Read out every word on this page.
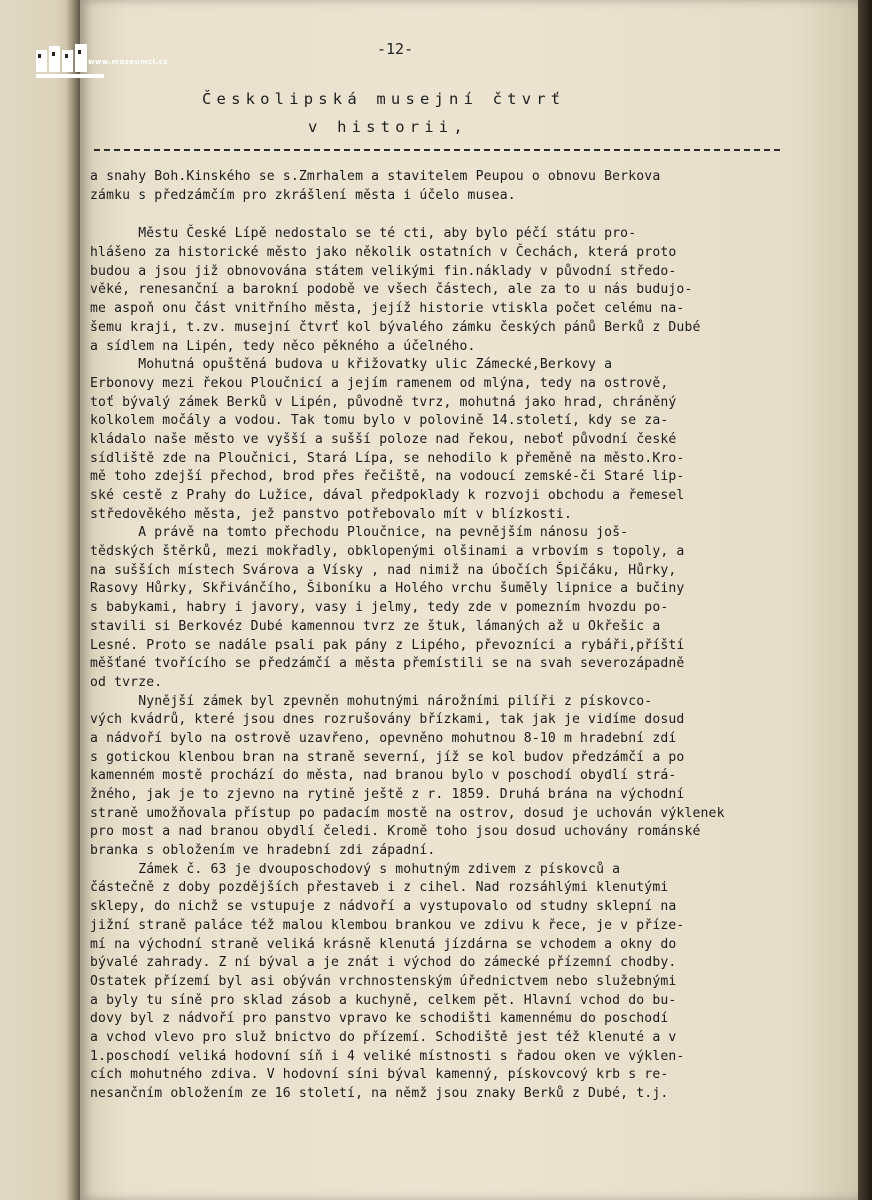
www.muzeumcl.cz
-12-
Českolipská musejní čtvrť
v historii,
a snahy Boh.Kinského se s.Zmrhalem a stavitelem Peupou o obnovu Berkova
zámku s předzámčím pro zkrášlení města i účelo musea.
Městu České Lípě nedostalo se té cti, aby bylo péčí státu pro-
hlášeno za historické město jako několik ostatních v Čechách, která proto
budou a jsou již obnovována státem velikými fin.náklady v původní středo-
věké, renesanční a barokní podobě ve všech částech, ale za to u nás budujo-
me aspoň onu část vnitřního města, jejíž historie vtiskla počet celému na-
šemu kraji, t.zv. musejní čtvrť kol bývalého zámku českých pánů Berků z Dubé
a sídlem na Lipén, tedy něco pěkného a účelného.
Mohutná opuštěná budova u křižovatky ulic Zámecké,Berkovy a
Erbonovy mezi řekou Ploučnicí a jejím ramenem od mlýna, tedy na ostrově,
toť bývalý zámek Berků v Lipén, původně tvrz, mohutná jako hrad, chráněný
kolkolem močály a vodou. Tak tomu bylo v polovině 14.století, kdy se za-
kládalo naše město ve vyšší a sušší poloze nad řekou, neboť původní české
sídliště zde na Ploučnici, Stará Lípa, se nehodilo k přeměně na město.Kro-
mě toho zdejší přechod, brod přes řečiště, na vodoucí zemské-či Staré lip-
ské cestě z Prahy do Lužice, dával předpoklady k rozvoji obchodu a řemesel
středověkého města, jež panstvo potřebovalo mít v blízkosti.
A právě na tomto přechodu Ploučnice, na pevnějším nánosu još-
tědských štěrků, mezi mokřadly, obklopenými olšinami a vrbovím s topoly, a
na sušších místech Svárova a Vísky , nad nimiž na úbočích Špičáku, Hůrky,
Rasovy Hůrky, Skřivánčího, Šiboníku a Holého vrchu šuměly lipnice a bučiny
s babykami, habry i javory, vasy i jelmy, tedy zde v pomezním hvozdu po-
stavili si Berkovéz Dubé kamennou tvrz ze štuk, lámaných až u Okřešic a
Lesné. Proto se nadále psali pak pány z Lipého, převozníci a rybáři,příští
měšťané tvořícího se předzámčí a města přemístili se na svah severozápadně
od tvrze.
Nynější zámek byl zpevněn mohutnými nárožními pilíři z pískovco-
vých kvádrů, které jsou dnes rozrušovány břízkami, tak jak je vidíme dosud
a nádvoří bylo na ostrově uzavřeno, opevněno mohutnou 8-10 m hradební zdí
s gotickou klenbou bran na straně severní, jíž se kol budov předzámčí a po
kamenném mostě prochází do města, nad branou bylo v poschodí obydlí strá-
žného, jak je to zjevno na rytině ještě z r. 1859. Druhá brána na východní
straně umožňovala přístup po padacím mostě na ostrov, dosud je uchován výklenek
pro most a nad branou obydlí čeledi. Kromě toho jsou dosud uchovány románské
branka s obložením ve hradební zdi západní.
Zámek č. 63 je dvouposchodový s mohutným zdivem z pískovců a
částečně z doby pozdějších přestaveb i z cihel. Nad rozsáhlými klenutými
sklepy, do nichž se vstupuje z nádvoří a vystupovalo od studny sklepní na
jižní straně paláce též malou klembou brankou ve zdivu k řece, je v příze-
mí na východní straně veliká krásně klenutá jízdárna se vchodem a okny do
bývalé zahrady. Z ní býval a je znát i východ do zámecké přízemní chodby.
Ostatek přízemí byl asi obýván vrchnostenským úřednictvem nebo služebnými
a byly tu síně pro sklad zásob a kuchyně, celkem pět. Hlavní vchod do bu-
dovy byl z nádvoří pro panstvo vpravo ke schodišti kamennému do poschodí
a vchod vlevo pro služ bnictvo do přízemí. Schodiště jest též klenuté a v
1.poschodí veliká hodovní síň i 4 veliké místnosti s řadou oken ve výklen-
cích mohutného zdiva. V hodovní síni býval kamenný, pískovcový krb s re-
nesančním obložením ze 16 století, na němž jsou znaky Berků z Dubé, t.j.
